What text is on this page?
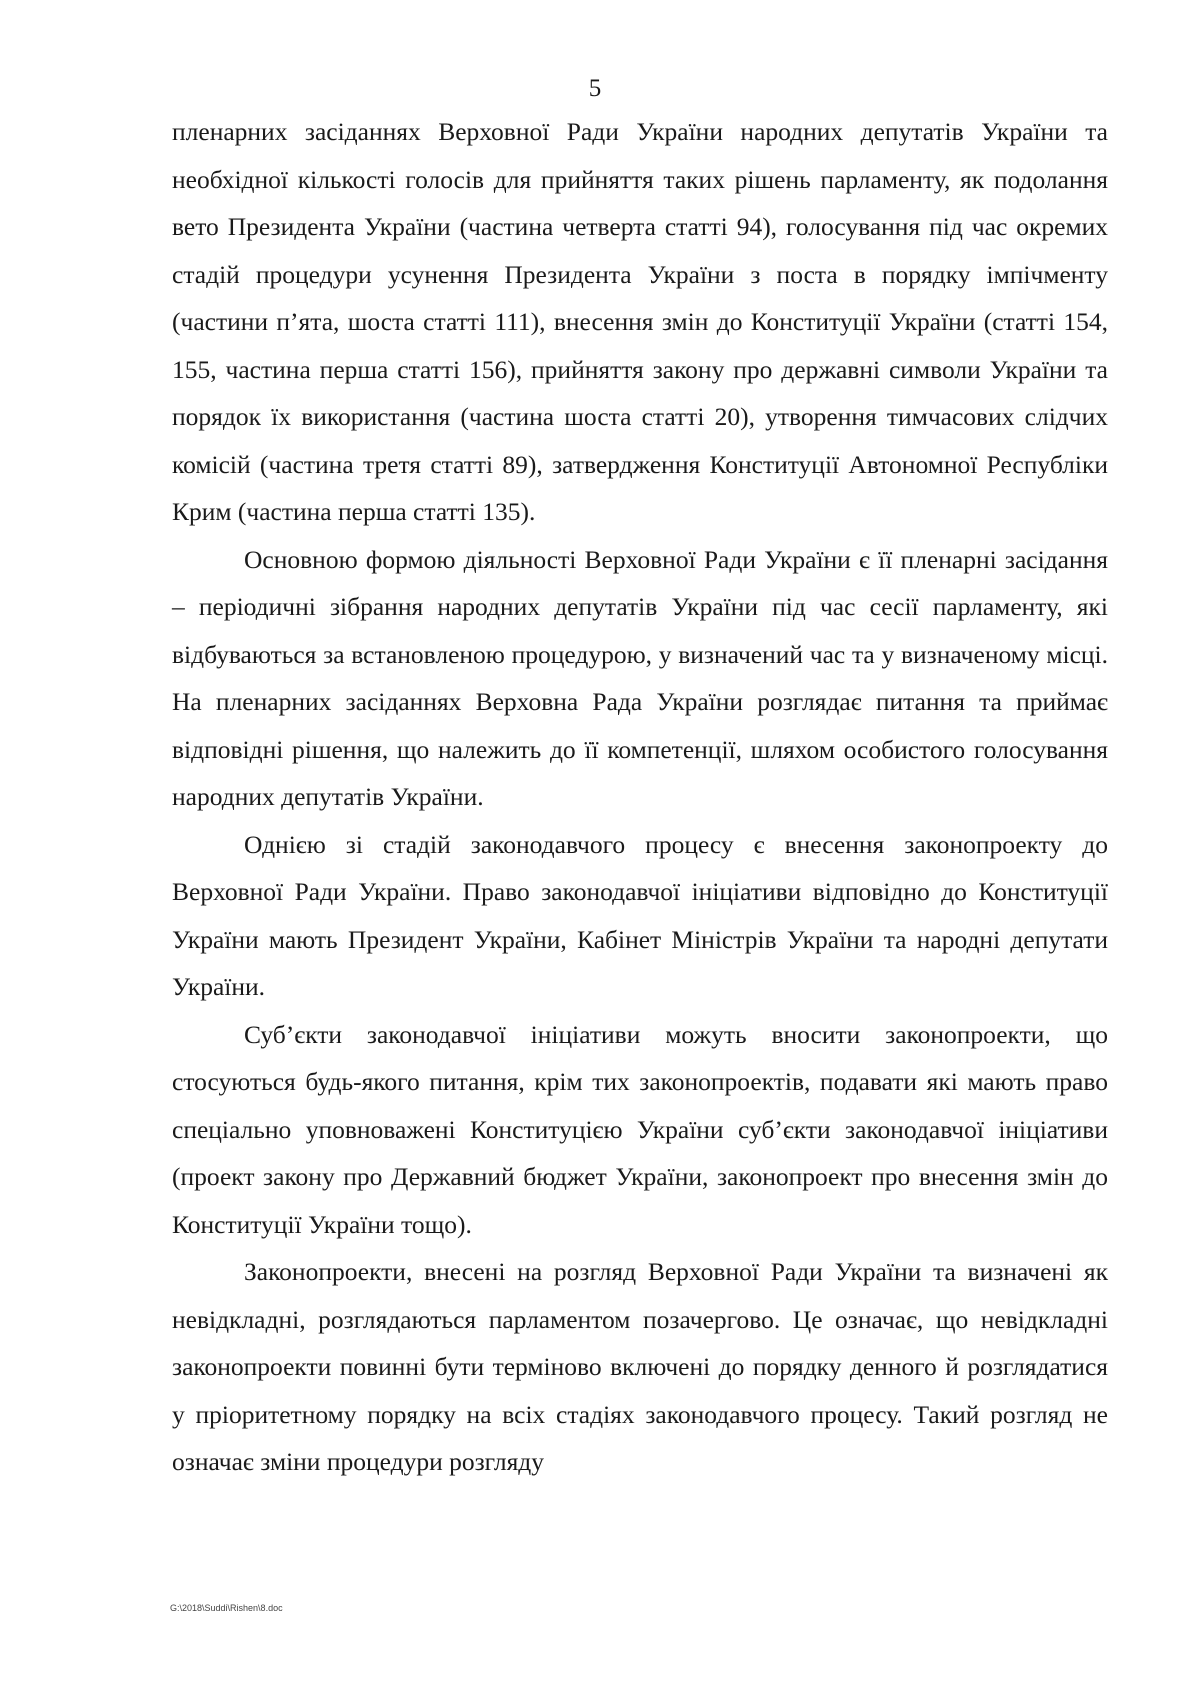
5

пленарних засіданнях Верховної Ради України народних депутатів України та необхідної кількості голосів для прийняття таких рішень парламенту, як подолання вето Президента України (частина четверта статті 94), голосування під час окремих стадій процедури усунення Президента України з поста в порядку імпічменту (частини п’ята, шоста статті 111), внесення змін до Конституції України (статті 154, 155, частина перша статті 156), прийняття закону про державні символи України та порядок їх використання (частина шоста статті 20), утворення тимчасових слідчих комісій (частина третя статті 89), затвердження Конституції Автономної Республіки Крим (частина перша статті 135).

Основною формою діяльності Верховної Ради України є її пленарні засідання – періодичні зібрання народних депутатів України під час сесії парламенту, які відбуваються за встановленою процедурою, у визначений час та у визначеному місці. На пленарних засіданнях Верховна Рада України розглядає питання та приймає відповідні рішення, що належить до її компетенції, шляхом особистого голосування народних депутатів України.

Однією зі стадій законодавчого процесу є внесення законопроекту до Верховної Ради України. Право законодавчої ініціативи відповідно до Конституції України мають Президент України, Кабінет Міністрів України та народні депутати України.

Суб’єкти законодавчої ініціативи можуть вносити законопроекти, що стосуються будь-якого питання, крім тих законопроектів, подавати які мають право спеціально уповноважені Конституцією України суб’єкти законодавчої ініціативи (проект закону про Державний бюджет України, законопроект про внесення змін до Конституції України тощо).

Законопроекти, внесені на розгляд Верховної Ради України та визначені як невідкладні, розглядаються парламентом позачергово. Це означає, що невідкладні законопроекти повинні бути терміново включені до порядку денного й розглядатися у пріоритетному порядку на всіх стадіях законодавчого процесу. Такий розгляд не означає зміни процедури розгляду

G:\2018\Suddi\Rishen\8.doc
